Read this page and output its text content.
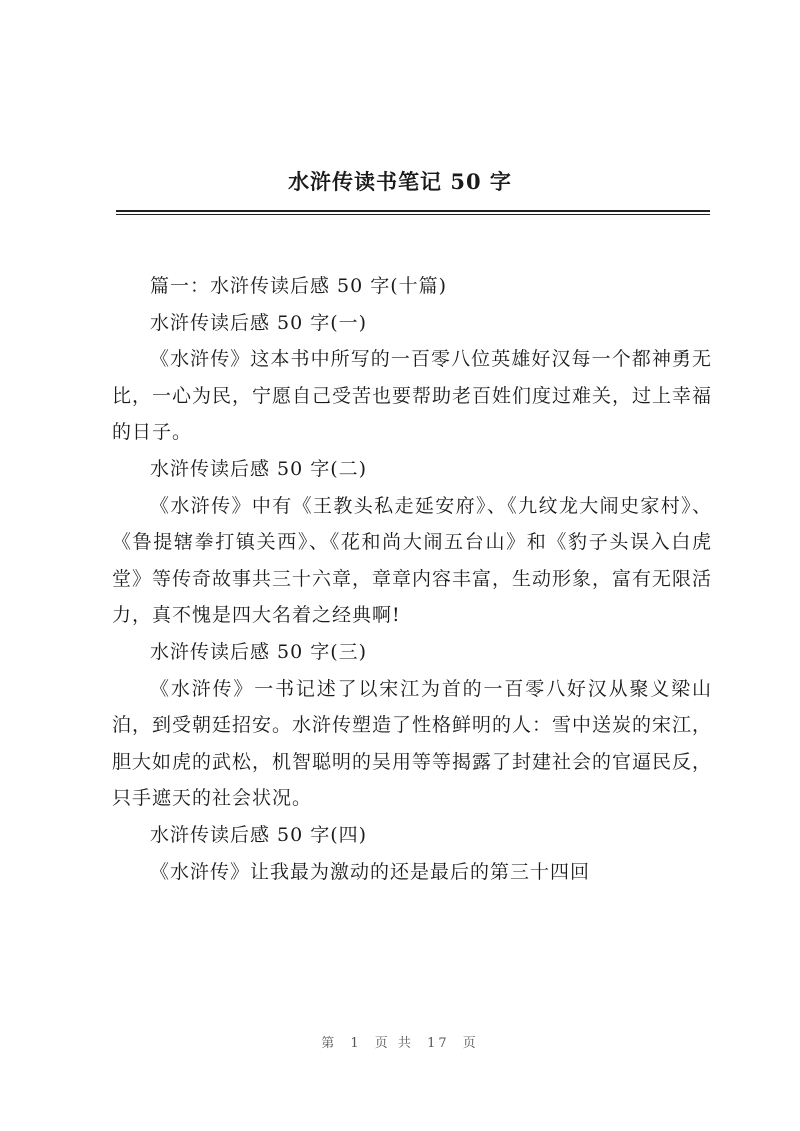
水浒传读书笔记 50 字

篇一：水浒传读后感 50 字(十篇)

水浒传读后感 50 字(一)

《水浒传》这本书中所写的一百零八位英雄好汉每一个都神勇无比，一心为民，宁愿自己受苦也要帮助老百姓们度过难关，过上幸福的日子。

水浒传读后感 50 字(二)

《水浒传》中有《王教头私走延安府》、《九纹龙大闹史家村》、《鲁提辖拳打镇关西》、《花和尚大闹五台山》和《豹子头误入白虎堂》等传奇故事共三十六章，章章内容丰富，生动形象，富有无限活力，真不愧是四大名着之经典啊!

水浒传读后感 50 字(三)

《水浒传》一书记述了以宋江为首的一百零八好汉从聚义梁山泊，到受朝廷招安。水浒传塑造了性格鲜明的人：雪中送炭的宋江，胆大如虎的武松，机智聪明的吴用等等揭露了封建社会的官逼民反，只手遮天的社会状况。

水浒传读后感 50 字(四)

《水浒传》让我最为激动的还是最后的第三十四回

第 1 页 共 17 页
